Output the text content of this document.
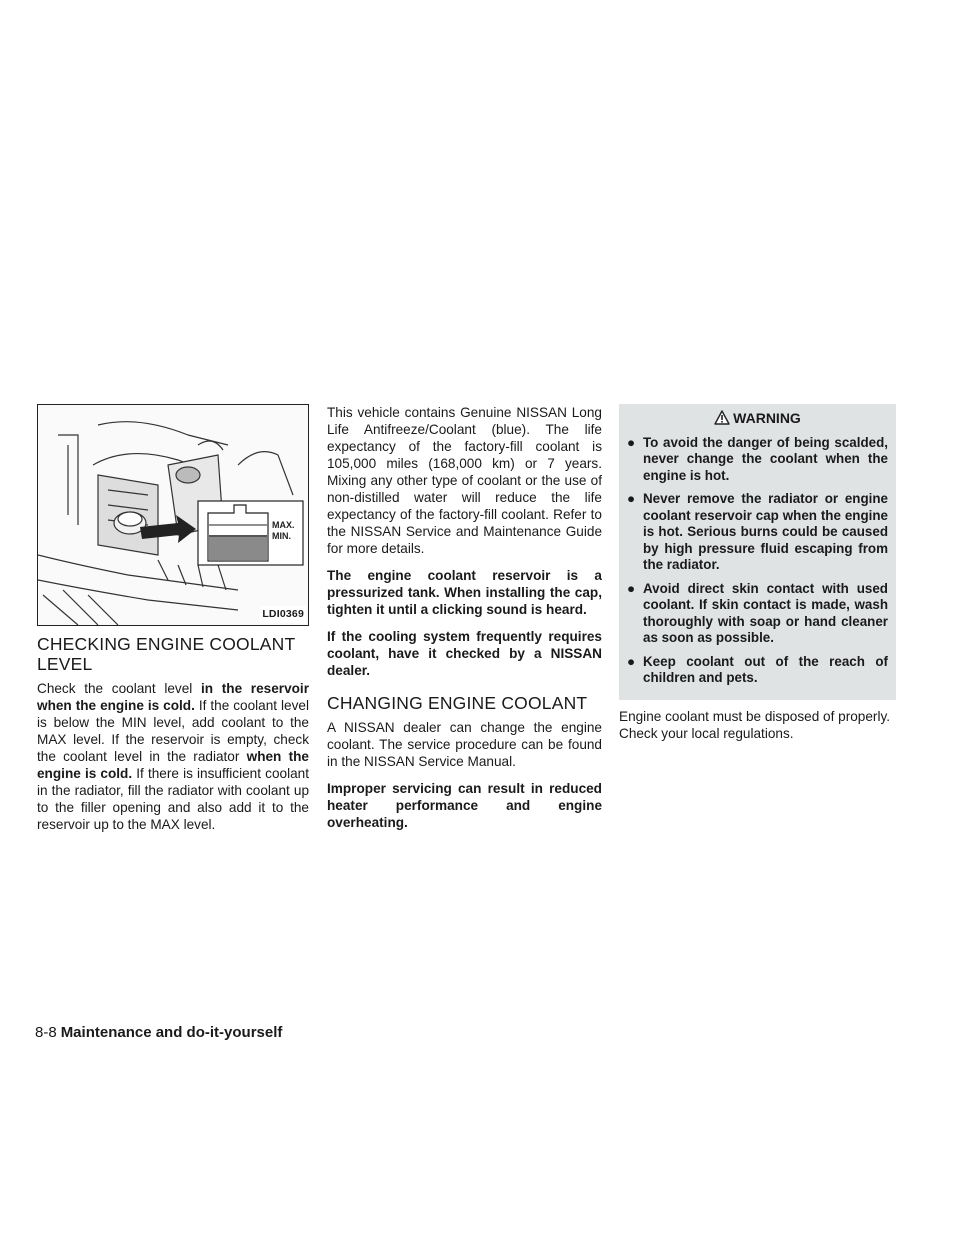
MAX.
MIN.
LDI0369
CHECKING ENGINE COOLANT LEVEL

Check the coolant level in the reservoir when the engine is cold. If the coolant level is below the MIN level, add coolant to the MAX level. If the reservoir is empty, check the coolant level in the radiator when the engine is cold. If there is insufficient coolant in the radiator, fill the radiator with coolant up to the filler opening and also add it to the reservoir up to the MAX level.

This vehicle contains Genuine NISSAN Long Life Antifreeze/Coolant (blue). The life expectancy of the factory-fill coolant is 105,000 miles (168,000 km) or 7 years. Mixing any other type of coolant or the use of non-distilled water will reduce the life expectancy of the factory-fill coolant. Refer to the NISSAN Service and Maintenance Guide for more details.

The engine coolant reservoir is a pressurized tank. When installing the cap, tighten it until a clicking sound is heard.

If the cooling system frequently requires coolant, have it checked by a NISSAN dealer.

CHANGING ENGINE COOLANT

A NISSAN dealer can change the engine coolant. The service procedure can be found in the NISSAN Service Manual.

Improper servicing can result in reduced heater performance and engine overheating.

WARNING
● To avoid the danger of being scalded, never change the coolant when the engine is hot.
● Never remove the radiator or engine coolant reservoir cap when the engine is hot. Serious burns could be caused by high pressure fluid escaping from the radiator.
● Avoid direct skin contact with used coolant. If skin contact is made, wash thoroughly with soap or hand cleaner as soon as possible.
● Keep coolant out of the reach of children and pets.

Engine coolant must be disposed of properly. Check your local regulations.

8-8 Maintenance and do-it-yourself
